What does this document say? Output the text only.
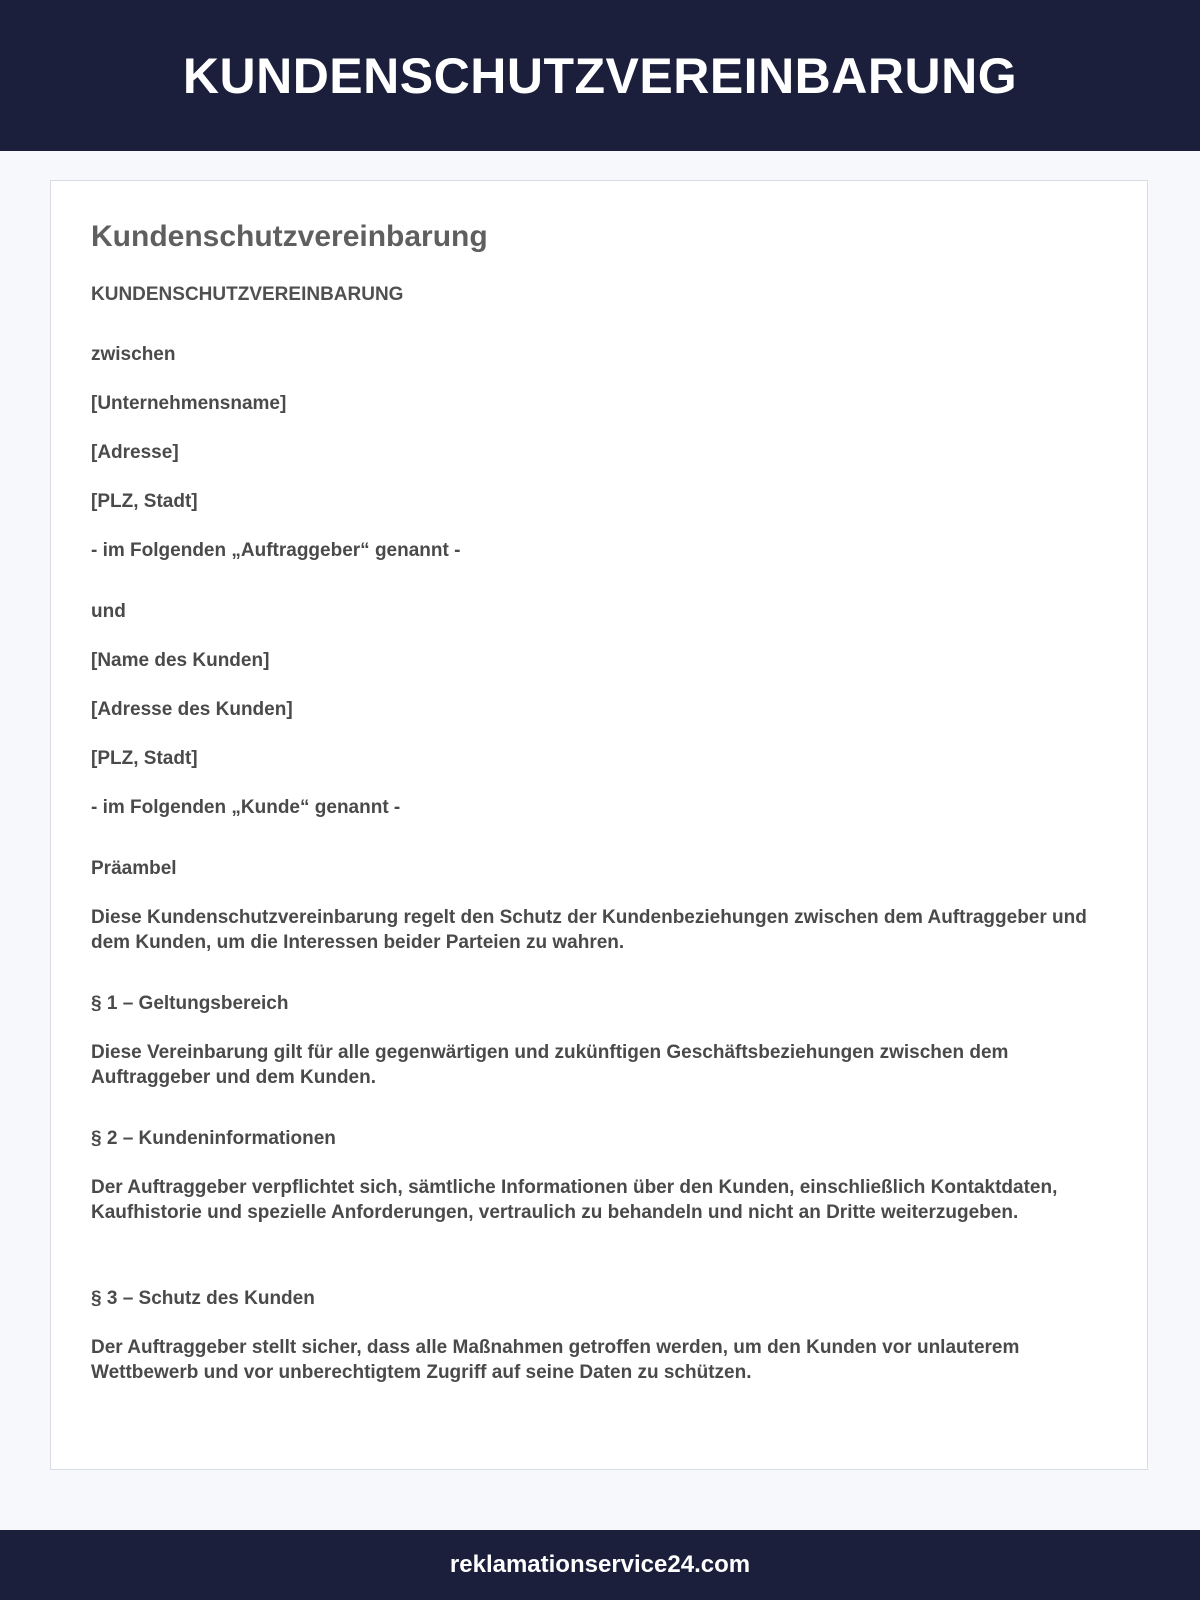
KUNDENSCHUTZVEREINBARUNG
Kundenschutzvereinbarung

KUNDENSCHUTZVEREINBARUNG

zwischen

[Unternehmensname]

[Adresse]

[PLZ, Stadt]

- im Folgenden „Auftraggeber“ genannt -

und

[Name des Kunden]

[Adresse des Kunden]

[PLZ, Stadt]

- im Folgenden „Kunde“ genannt -

Präambel

Diese Kundenschutzvereinbarung regelt den Schutz der Kundenbeziehungen zwischen dem Auftraggeber und dem Kunden, um die Interessen beider Parteien zu wahren.

§ 1 – Geltungsbereich

Diese Vereinbarung gilt für alle gegenwärtigen und zukünftigen Geschäftsbeziehungen zwischen dem Auftraggeber und dem Kunden.

§ 2 – Kundeninformationen

Der Auftraggeber verpflichtet sich, sämtliche Informationen über den Kunden, einschließlich Kontaktdaten, Kaufhistorie und spezielle Anforderungen, vertraulich zu behandeln und nicht an Dritte weiterzugeben.

§ 3 – Schutz des Kunden

Der Auftraggeber stellt sicher, dass alle Maßnahmen getroffen werden, um den Kunden vor unlauterem Wettbewerb und vor unberechtigtem Zugriff auf seine Daten zu schützen.

reklamationservice24.com
